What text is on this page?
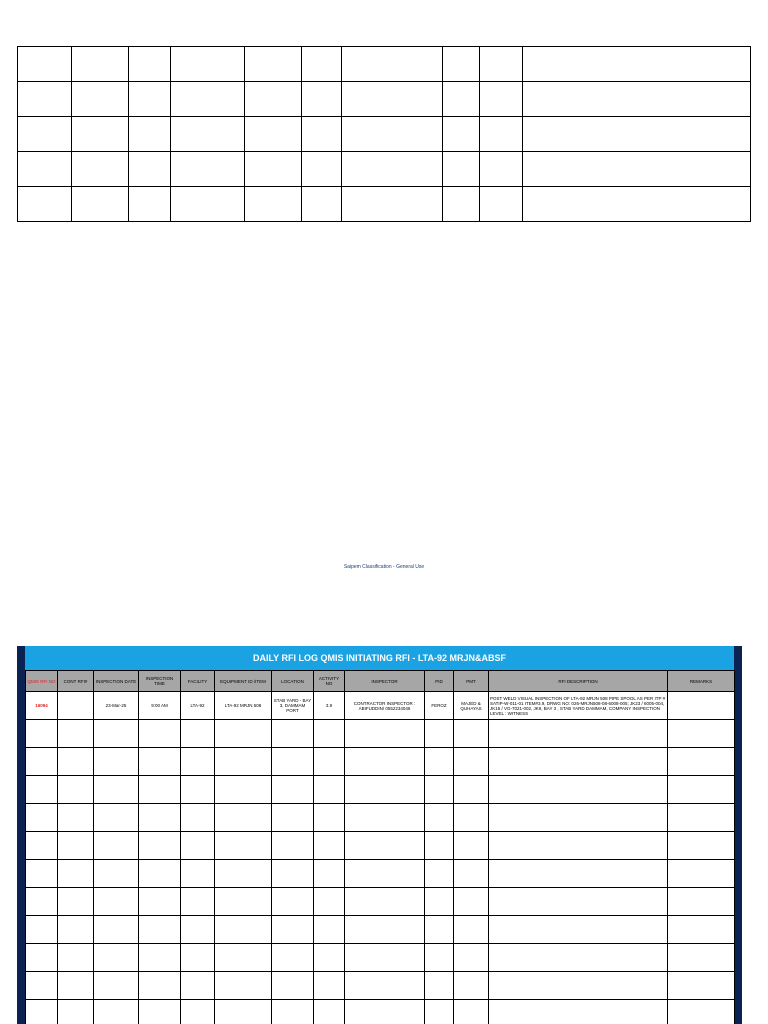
Saipem Classification - General Use
DAILY RFI LOG QMIS INITIATING RFI - LTA-92 MRJN&ABSF
QMIS RFI NO	CONT RFI#	INSPECTION DATE	INSPECTION TIME	FACILITY	EQUIPMENT ID /ITEM	LOCATION	ACTIVITY NO	INSPECTOR	PID	PMT	RFI DESCRIPTION	REMARKS
16094		23-Mar-25	9:00 AM	LTA-92	LTA-92 MRJN 508	STAB YARD - BAY 3, DAMMAM PORT	3.9	CONTRACTOR INSPECTOR : ABIFUDDIN/ 0552234046	FEROZ	MAJED & QUHAYAS	POST WELD VISUAL INSPECTION OF LTA-92 MRJN 508 PIPE SPOOL AS PER ITP # SATIP-W-011-01 ITEM#3.9, DRWG NO: 026-MRJN508-08-6008-005; JK23 / 6005-004, JK16 / VG-7021-002, JK9, BAY 3 , STAB YARD DAMMAM, COMPANY INSPECTION LEVEL : WITNESS	
